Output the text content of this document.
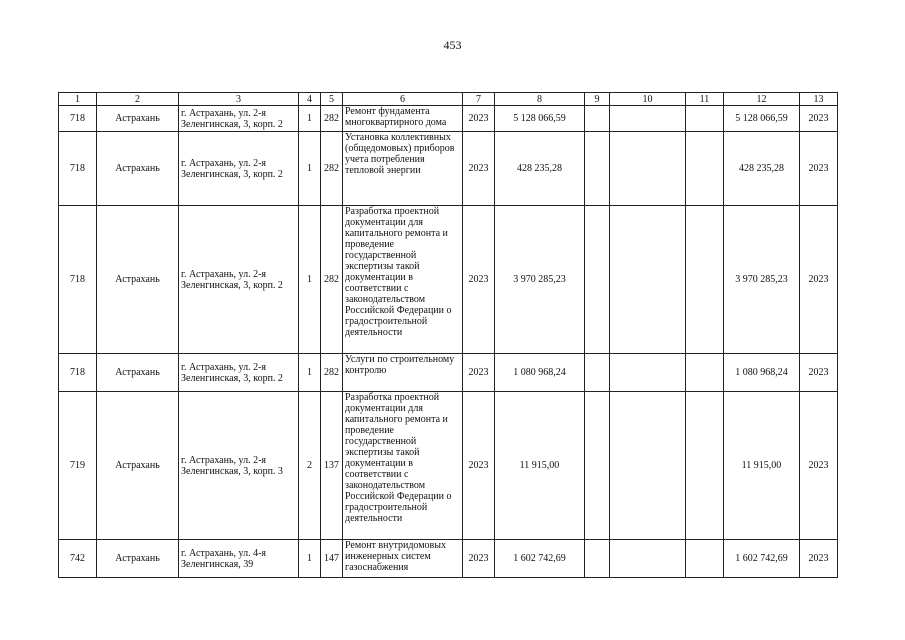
453
1	2	3	4	5	6	7	8	9	10	11	12	13
718	Астрахань	г. Астрахань, ул. 2-я Зеленгинская, 3, корп. 2	1	282	Ремонт фундамента многоквартирного дома	2023	5 128 066,59				5 128 066,59	2023
718	Астрахань	г. Астрахань, ул. 2-я Зеленгинская, 3, корп. 2	1	282	Установка коллективных (общедомовых) приборов учета потребления тепловой энергии	2023	428 235,28				428 235,28	2023
718	Астрахань	г. Астрахань, ул. 2-я Зеленгинская, 3, корп. 2	1	282	Разработка проектной документации для капитального ремонта и проведение государственной экспертизы такой документации в соответствии с законодательством Российской Федерации о градостроительной деятельности	2023	3 970 285,23				3 970 285,23	2023
718	Астрахань	г. Астрахань, ул. 2-я Зеленгинская, 3, корп. 2	1	282	Услуги по строительному контролю	2023	1 080 968,24				1 080 968,24	2023
719	Астрахань	г. Астрахань, ул. 2-я Зеленгинская, 3, корп. 3	2	137	Разработка проектной документации для капитального ремонта и проведение государственной экспертизы такой документации в соответствии с законодательством Российской Федерации о градостроительной деятельности	2023	11 915,00				11 915,00	2023
742	Астрахань	г. Астрахань, ул. 4-я Зеленгинская, 39	1	147	Ремонт внутридомовых инженерных систем газоснабжения	2023	1 602 742,69				1 602 742,69	2023
